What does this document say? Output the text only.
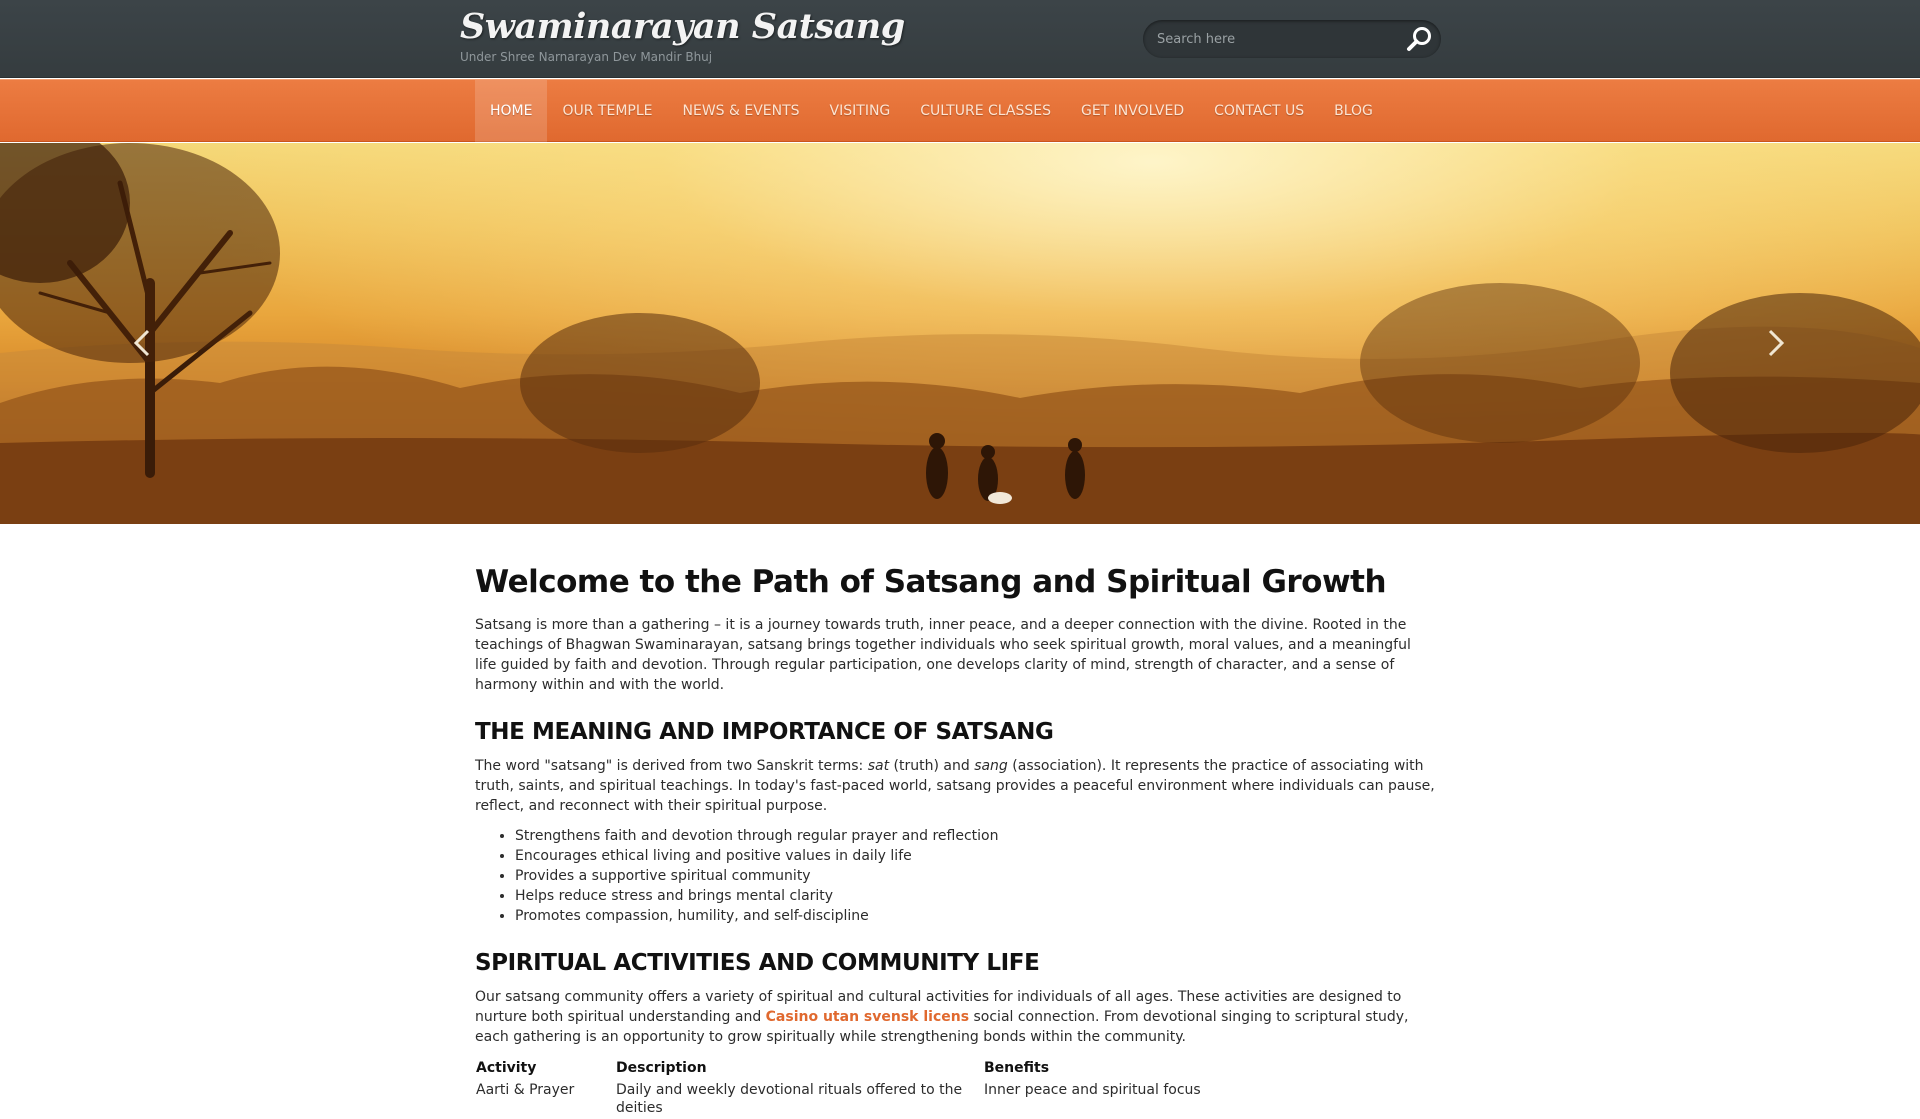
Swaminarayan Satsang
Under Shree Narnarayan Dev Mandir Bhuj
Search here
HOME	OUR TEMPLE	NEWS & EVENTS	VISITING	CULTURE CLASSES	GET INVOLVED	CONTACT US	BLOG
Welcome to the Path of Satsang and Spiritual Growth

Satsang is more than a gathering – it is a journey towards truth, inner peace, and a deeper connection with the divine. Rooted in the teachings of Bhagwan Swaminarayan, satsang brings together individuals who seek spiritual growth, moral values, and a meaningful life guided by faith and devotion. Through regular participation, one develops clarity of mind, strength of character, and a sense of harmony within and with the world.

THE MEANING AND IMPORTANCE OF SATSANG

The word "satsang" is derived from two Sanskrit terms: sat (truth) and sang (association). It represents the practice of associating with truth, saints, and spiritual teachings. In today's fast-paced world, satsang provides a peaceful environment where individuals can pause, reflect, and reconnect with their spiritual purpose.

• Strengthens faith and devotion through regular prayer and reflection
• Encourages ethical living and positive values in daily life
• Provides a supportive spiritual community
• Helps reduce stress and brings mental clarity
• Promotes compassion, humility, and self-discipline
SPIRITUAL ACTIVITIES AND COMMUNITY LIFE

Our satsang community offers a variety of spiritual and cultural activities for individuals of all ages. These activities are designed to nurture both spiritual understanding and Casino utan svensk licens social connection. From devotional singing to scriptural study, each gathering is an opportunity to grow spiritually while strengthening bonds within the community.

Activity	Description	Benefits
Aarti & Prayer	Daily and weekly devotional rituals offered to the deities	Inner peace and spiritual focus
